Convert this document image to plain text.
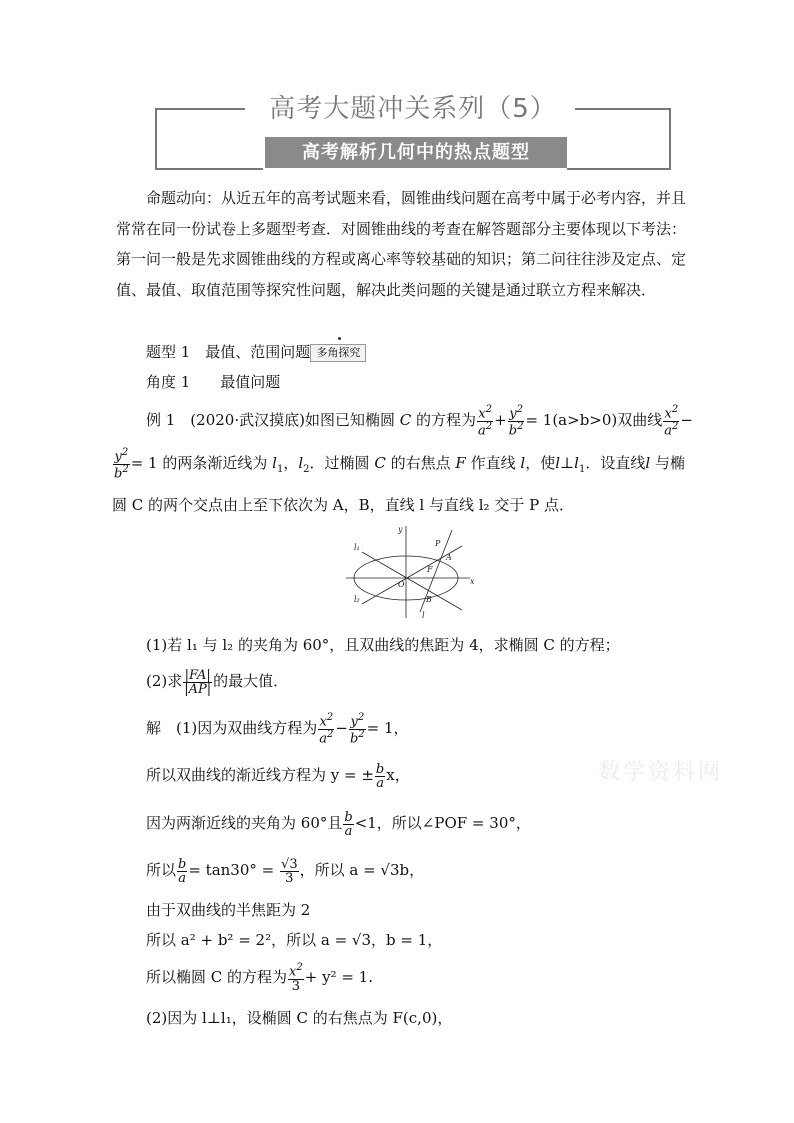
高考大题冲关系列（5）
高考解析几何中的热点题型
命题动向：从近五年的高考试题来看，圆锥曲线问题在高考中属于必考内容，并且常常在同一份试卷上多题型考查．对圆锥曲线的考查在解答题部分主要体现以下考法：第一问一般是先求圆锥曲线的方程或离心率等较基础的知识；第二问往往涉及定点、定值、最值、取值范围等探究性问题，解决此类问题的关键是通过联立方程来解决．
题型 1　最值、范围问题 多角探究
角度 1　　最值问题
例 1　(2020·武汉摸底)如图已知椭圆 C 的方程为 $\frac{x^2}{a^2} + \frac{y^2}{b^2} = 1(a>b>0)$双曲线 $\frac{x^2}{a^2}$ −
$\frac{y^2}{b^2} = 1$ 的两条渐近线为 $l_1$，$l_2$．过椭圆 C 的右焦点 F 作直线 l，使$l\perp l_1$．设直线l 与椭
圆 C 的两个交点由上至下依次为 A，B，直线 l 与直线 l₂ 交于 P 点．
y
x
O
F
A
B
P
l
l₁
l₂
(1)若 l₁ 与 l₂ 的夹角为 60°，且双曲线的焦距为 4，求椭圆 C 的方程；
(2)求 $\frac{|FA|}{|AP|}$ 的最大值．
解　(1)因为双曲线方程为 $\frac{x^2}{a^2} - \frac{y^2}{b^2} = 1$，
所以双曲线的渐近线方程为 y = ± $\frac{b}{a}$ x，
因为两渐近线的夹角为 60°且 $\frac{b}{a} <1$，所以∠POF = 30°，
所以 $\frac{b}{a} = \tan 30^\circ = \frac{√3}{3}$ ，所以 a = √3b，
由于双曲线的半焦距为 2
所以 a² + b² = 2²，所以 a = √3，b = 1，
所以椭圆 C 的方程为 $\frac{x^2}{3} + y^2 = 1$.
(2)因为 l⊥l₁，设椭圆 C 的右焦点为 F(c,0)，
数学资料网
